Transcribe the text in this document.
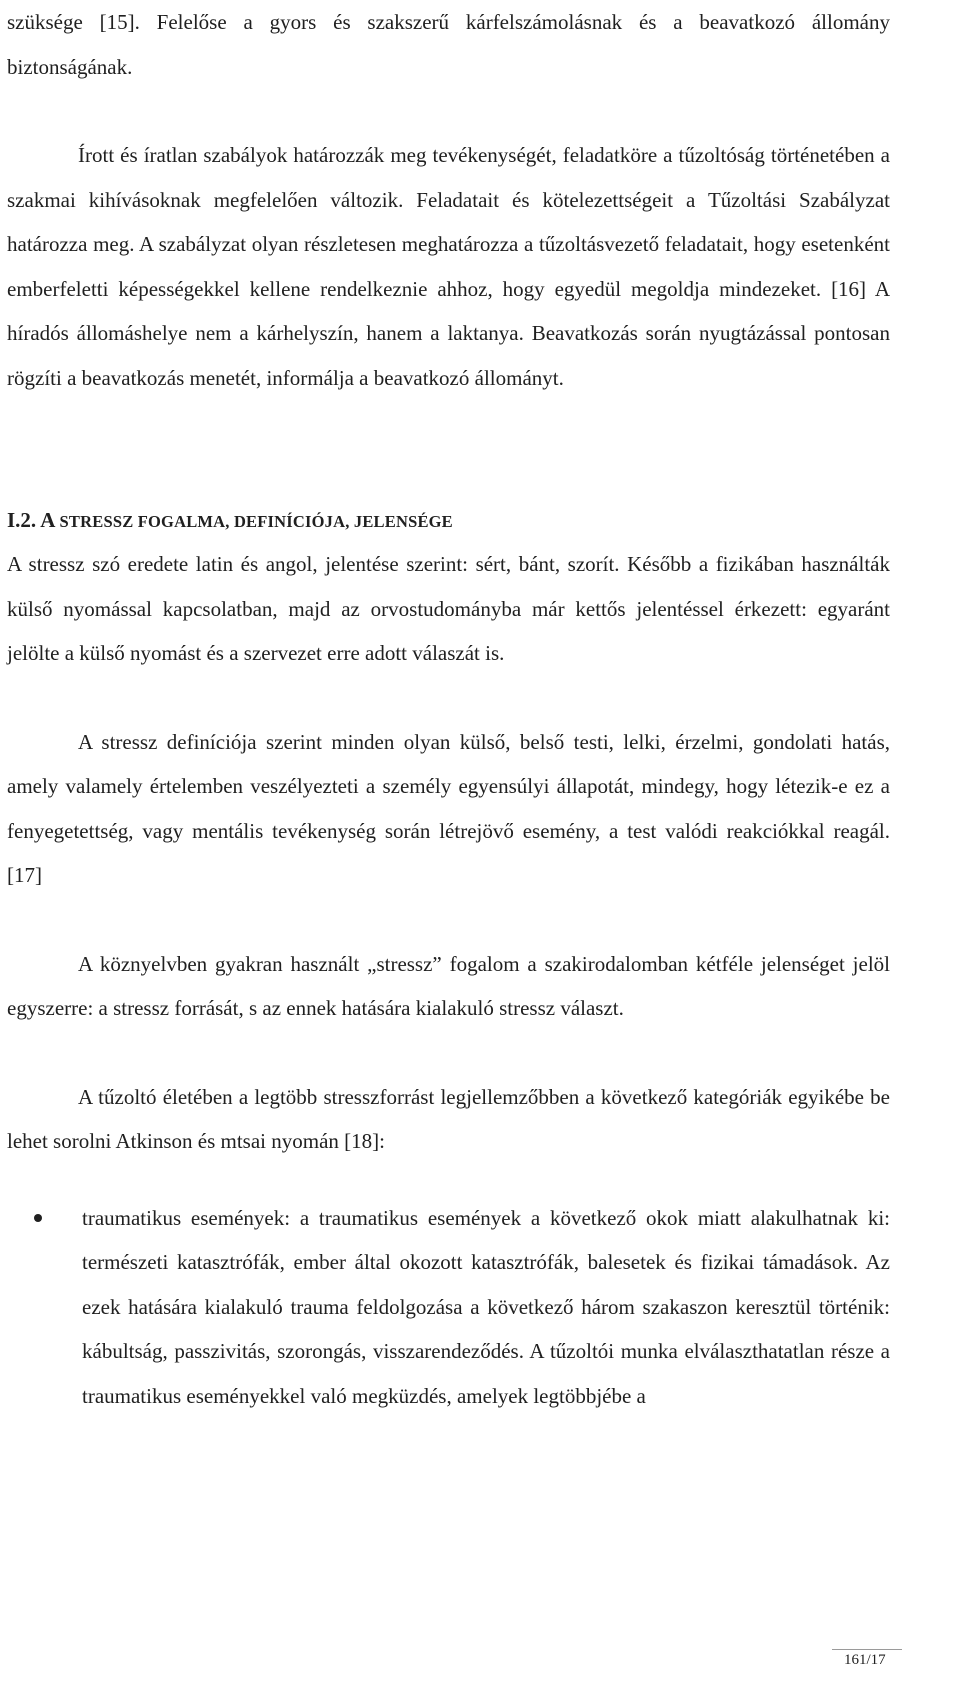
szüksége [15]. Felelőse a gyors és szakszerű kárfelszámolásnak és a beavatkozó állomány biztonságának.

Írott és íratlan szabályok határozzák meg tevékenységét, feladatköre a tűzoltóság történetében a szakmai kihívásoknak megfelelően változik. Feladatait és kötelezettségeit a Tűzoltási Szabályzat határozza meg. A szabályzat olyan részletesen meghatározza a tűzoltásvezető feladatait, hogy esetenként emberfeletti képességekkel kellene rendelkeznie ahhoz, hogy egyedül megoldja mindezeket. [16] A híradós állomáshelye nem a kárhelyszín, hanem a laktanya. Beavatkozás során nyugtázással pontosan rögzíti a beavatkozás menetét, informálja a beavatkozó állományt.

I.2. A STRESSZ FOGALMA, DEFINÍCIÓJA, JELENSÉGE

A stressz szó eredete latin és angol, jelentése szerint: sért, bánt, szorít. Később a fizikában használták külső nyomással kapcsolatban, majd az orvostudományba már kettős jelentéssel érkezett: egyaránt jelölte a külső nyomást és a szervezet erre adott válaszát is.

A stressz definíciója szerint minden olyan külső, belső testi, lelki, érzelmi, gondolati hatás, amely valamely értelemben veszélyezteti a személy egyensúlyi állapotát, mindegy, hogy létezik-e ez a fenyegetettség, vagy mentális tevékenység során létrejövő esemény, a test valódi reakciókkal reagál. [17]

A köznyelvben gyakran használt „stressz” fogalom a szakirodalomban kétféle jelenséget jelöl egyszerre: a stressz forrását, s az ennek hatására kialakuló stressz választ.

A tűzoltó életében a legtöbb stresszforrást legjellemzőbben a következő kategóriák egyikébe be lehet sorolni Atkinson és mtsai nyomán [18]:

traumatikus események: a traumatikus események a következő okok miatt alakulhatnak ki: természeti katasztrófák, ember által okozott katasztrófák, balesetek és fizikai támadások. Az ezek hatására kialakuló trauma feldolgozása a következő három szakaszon keresztül történik: kábultság, passzivitás, szorongás, visszarendeződés. A tűzoltói munka elválaszthatatlan része a traumatikus eseményekkel való megküzdés, amelyek legtöbbjébe a
161/17
